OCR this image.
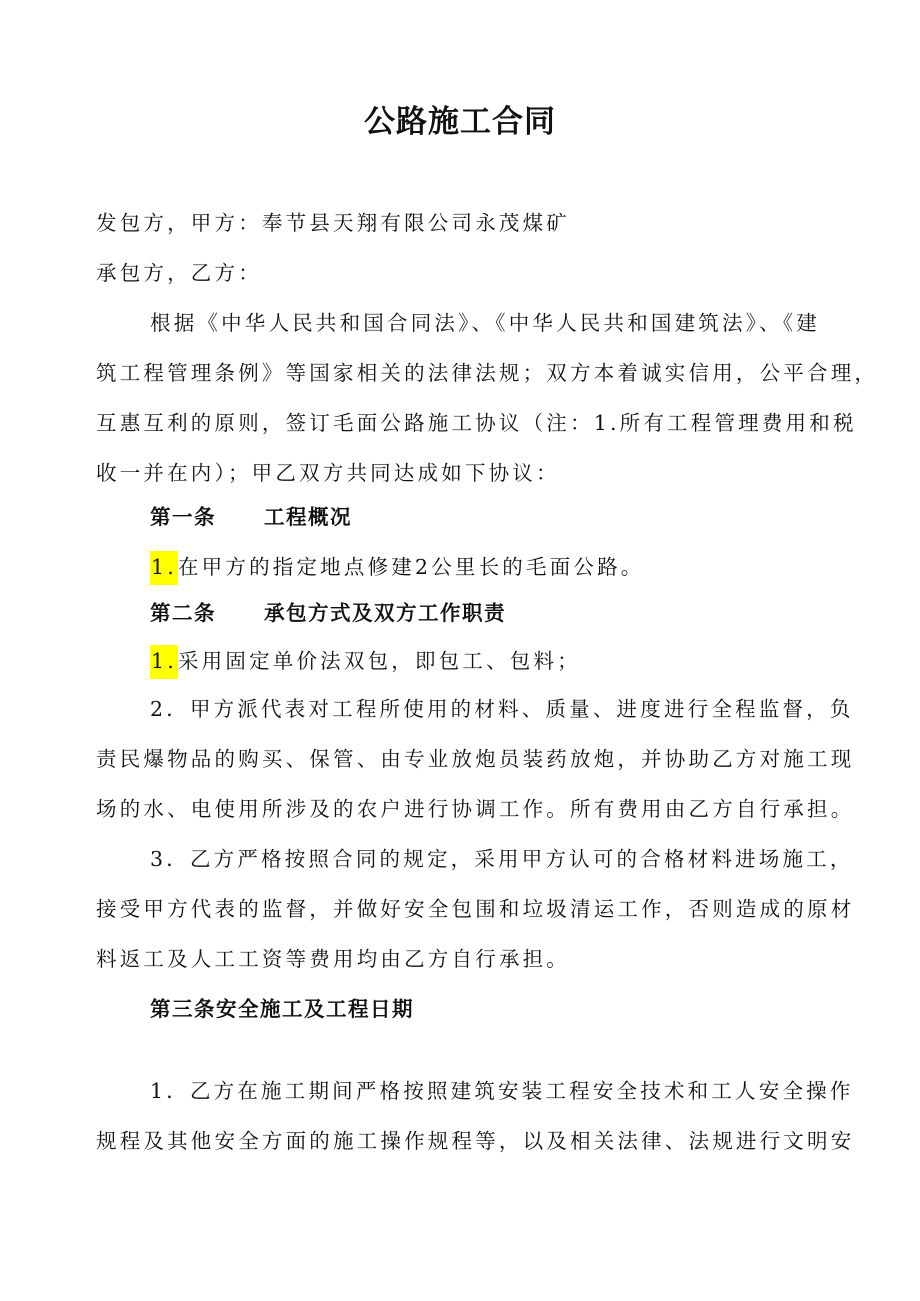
公路施工合同
发包方，甲方：奉节县天翔有限公司永茂煤矿
承包方，乙方：
根据《中华人民共和国合同法》、《中华人民共和国建筑法》、《建
筑工程管理条例》等国家相关的法律法规；双方本着诚实信用，公平合理，
互惠互利的原则，签订毛面公路施工协议（注：1.所有工程管理费用和税
收一并在内）；甲乙双方共同达成如下协议：
第一条 工程概况
1.在甲方的指定地点修建2公里长的毛面公路。
第二条 承包方式及双方工作职责
1.采用固定单价法双包，即包工、包料；
2．甲方派代表对工程所使用的材料、质量、进度进行全程监督，负
责民爆物品的购买、保管、由专业放炮员装药放炮，并协助乙方对施工现
场的水、电使用所涉及的农户进行协调工作。所有费用由乙方自行承担。
3．乙方严格按照合同的规定，采用甲方认可的合格材料进场施工，
接受甲方代表的监督，并做好安全包围和垃圾清运工作，否则造成的原材
料返工及人工工资等费用均由乙方自行承担。
第三条安全施工及工程日期
1．乙方在施工期间严格按照建筑安装工程安全技术和工人安全操作
规程及其他安全方面的施工操作规程等，以及相关法律、法规进行文明安
